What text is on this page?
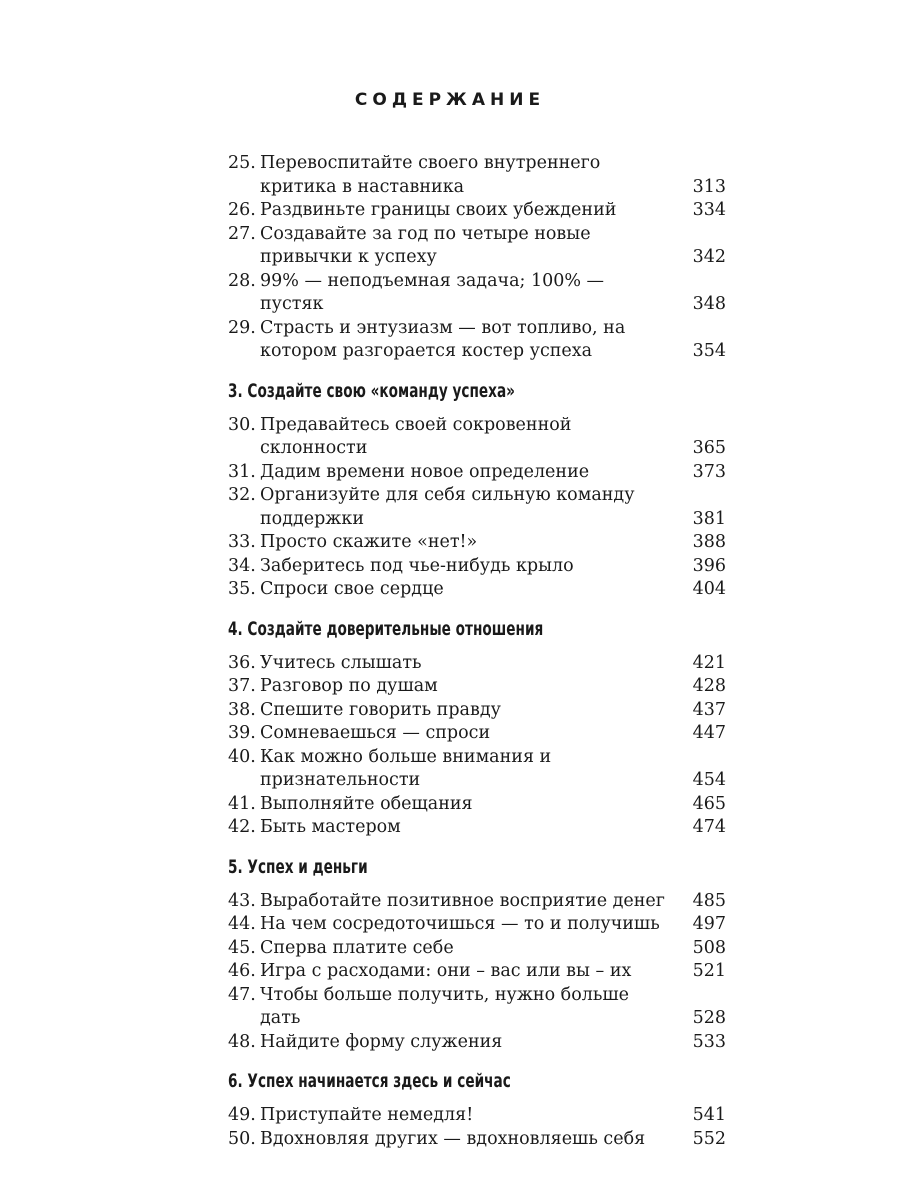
СОДЕРЖАНИЕ
25. Перевоспитайте своего внутреннего критика в наставника	313
26. Раздвиньте границы своих убеждений	334
27. Создавайте за год по четыре новые привычки к успеху	342
28. 99% — неподъемная задача; 100% — пустяк	348
29. Страсть и энтузиазм — вот топливо, на котором разгорается костер успеха	354
3. Создайте свою «команду успеха»
30. Предавайтесь своей сокровенной склонности	365
31. Дадим времени новое определение	373
32. Организуйте для себя сильную команду поддержки	381
33. Просто скажите «нет!»	388
34. Заберитесь под чье-нибудь крыло	396
35. Спроси свое сердце	404
4. Создайте доверительные отношения
36. Учитесь слышать	421
37. Разговор по душам	428
38. Спешите говорить правду	437
39. Сомневаешься — спроси	447
40. Как можно больше внимания и признательности	454
41. Выполняйте обещания	465
42. Быть мастером	474
5. Успех и деньги
43. Выработайте позитивное восприятие денег 485
44. На чем сосредоточишься — то и получишь	497
45. Сперва платите себе	508
46. Игра с расходами: они – вас или вы – их	521
47. Чтобы больше получить, нужно больше дать	528
48. Найдите форму служения	533
6. Успех начинается здесь и сейчас
49. Приступайте немедля!	541
50. Вдохновляя других — вдохновляешь себя	552
